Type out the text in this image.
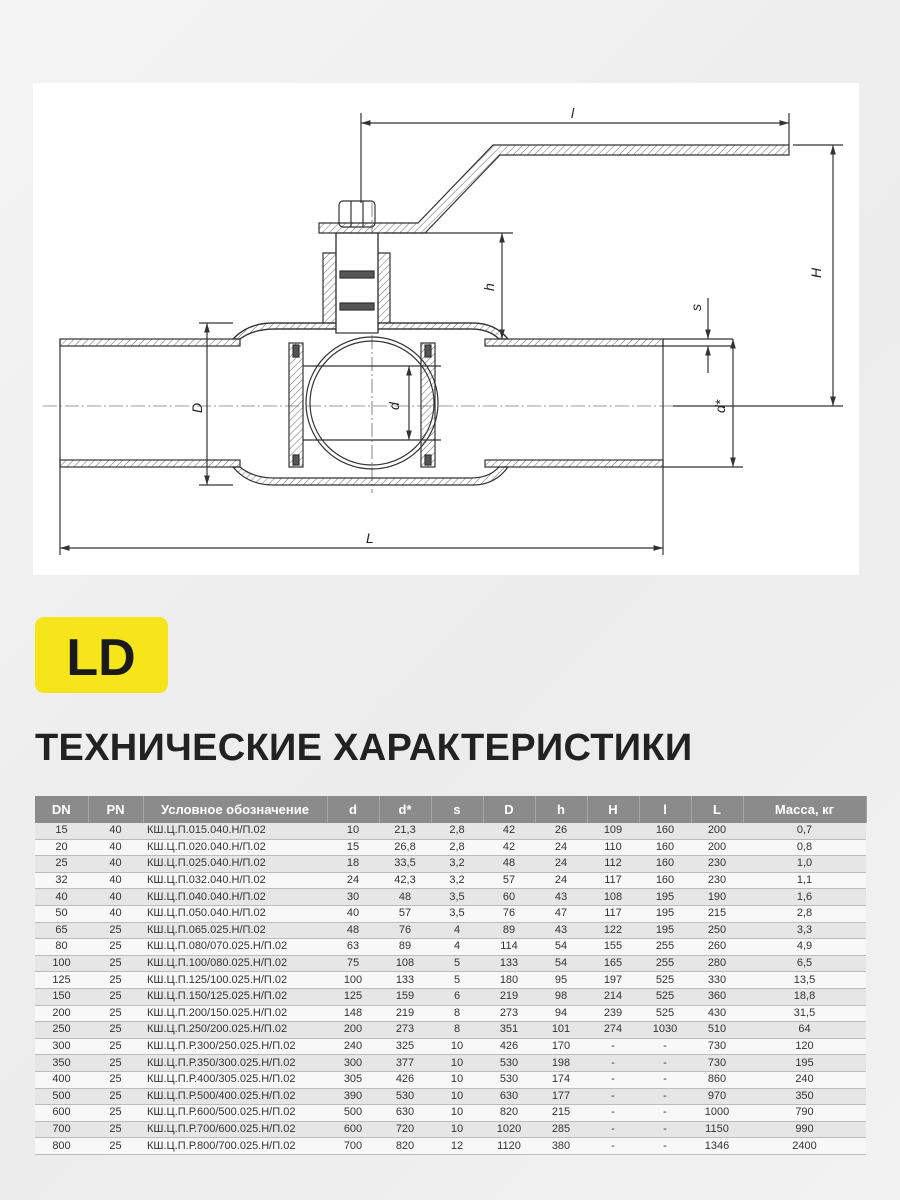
l
H
h
s
D	d	d*
L
LD
ТЕХНИЧЕСКИЕ ХАРАКТЕРИСТИКИ
DN	PN	Условное обозначение	d	d*	s	D	h	H	l	L	Масса, кг
15	40	КШ.Ц.П.015.040.Н/П.02	10	21,3	2,8	42	26	109	160	200	0,7
20	40	КШ.Ц.П.020.040.Н/П.02	15	26,8	2,8	42	24	110	160	200	0,8
25	40	КШ.Ц.П.025.040.Н/П.02	18	33,5	3,2	48	24	112	160	230	1,0
32	40	КШ.Ц.П.032.040.Н/П.02	24	42,3	3,2	57	24	117	160	230	1,1
40	40	КШ.Ц.П.040.040.Н/П.02	30	48	3,5	60	43	108	195	190	1,6
50	40	КШ.Ц.П.050.040.Н/П.02	40	57	3,5	76	47	117	195	215	2,8
65	25	КШ.Ц.П.065.025.Н/П.02	48	76	4	89	43	122	195	250	3,3
80	25	КШ.Ц.П.080/070.025.Н/П.02	63	89	4	114	54	155	255	260	4,9
100	25	КШ.Ц.П.100/080.025.Н/П.02	75	108	5	133	54	165	255	280	6,5
125	25	КШ.Ц.П.125/100.025.Н/П.02	100	133	5	180	95	197	525	330	13,5
150	25	КШ.Ц.П.150/125.025.Н/П.02	125	159	6	219	98	214	525	360	18,8
200	25	КШ.Ц.П.200/150.025.Н/П.02	148	219	8	273	94	239	525	430	31,5
250	25	КШ.Ц.П.250/200.025.Н/П.02	200	273	8	351	101	274	1030	510	64
300	25	КШ.Ц.П.Р.300/250.025.Н/П.02	240	325	10	426	170	-	-	730	120
350	25	КШ.Ц.П.Р.350/300.025.Н/П.02	300	377	10	530	198	-	-	730	195
400	25	КШ.Ц.П.Р.400/305.025.Н/П.02	305	426	10	530	174	-	-	860	240
500	25	КШ.Ц.П.Р.500/400.025.Н/П.02	390	530	10	630	177	-	-	970	350
600	25	КШ.Ц.П.Р.600/500.025.Н/П.02	500	630	10	820	215	-	-	1000	790
700	25	КШ.Ц.П.Р.700/600.025.Н/П.02	600	720	10	1020	285	-	-	1150	990
800	25	КШ.Ц.П.Р.800/700.025.Н/П.02	700	820	12	1120	380	-	-	1346	2400
